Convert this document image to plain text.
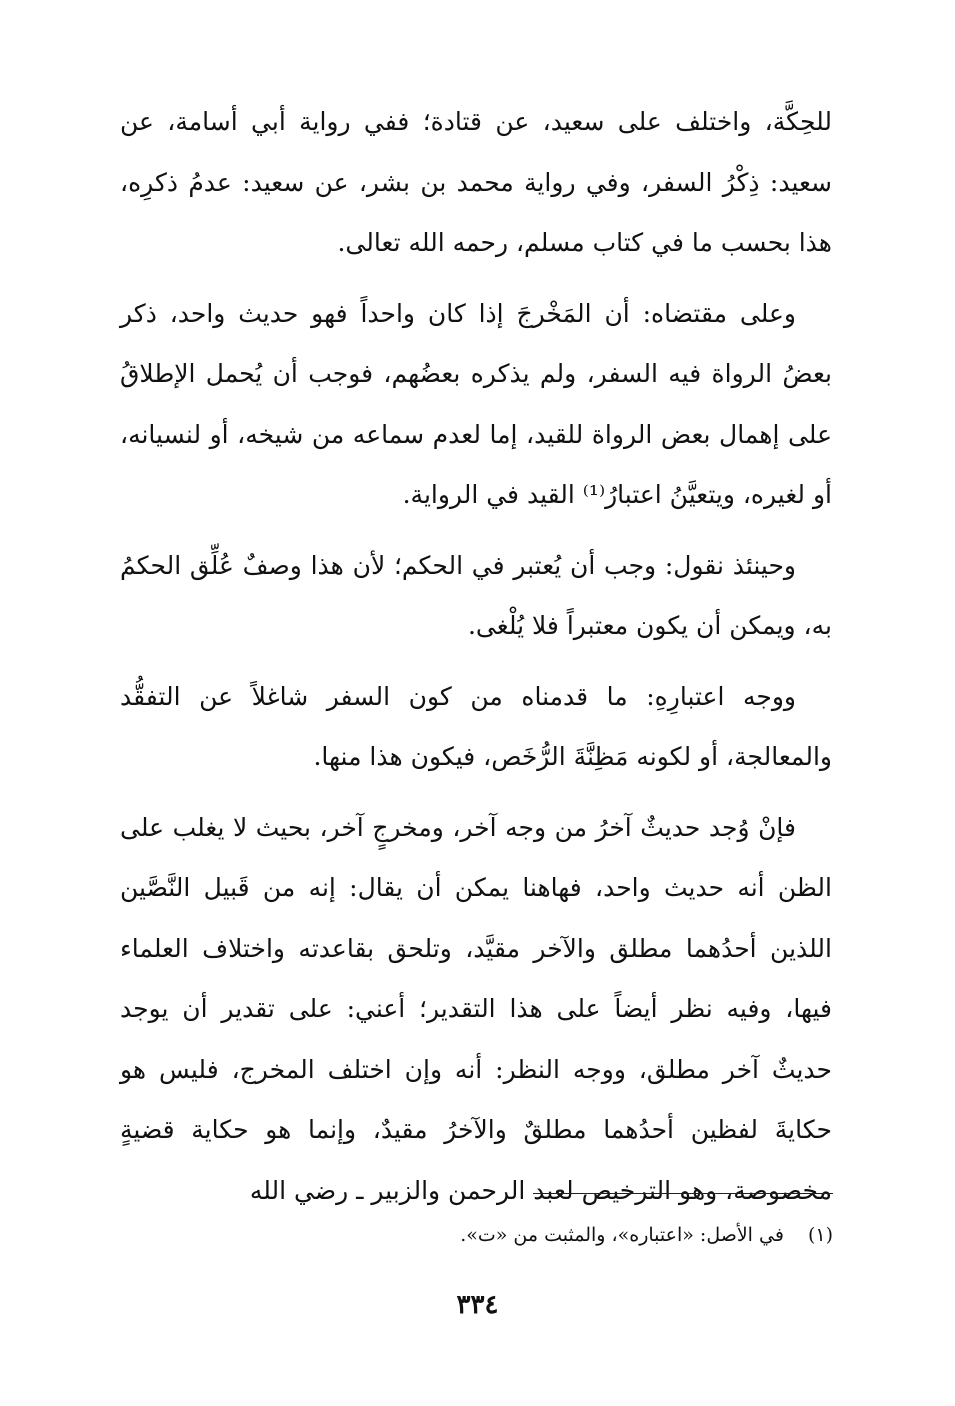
للحِكَّة، واختلف على سعيد، عن قتادة؛ ففي رواية أبي أسامة، عن سعيد: ذِكْرُ السفر، وفي رواية محمد بن بشر، عن سعيد: عدمُ ذكرِه، هذا بحسب ما في كتاب مسلم، رحمه الله تعالى.

وعلى مقتضاه: أن المَخْرجَ إذا كان واحداً فهو حديث واحد، ذكر بعضُ الرواة فيه السفر، ولم يذكره بعضُهم، فوجب أن يُحمل الإطلاقُ على إهمال بعض الرواة للقيد، إما لعدم سماعه من شيخه، أو لنسيانه، أو لغيره، ويتعيَّنُ اعتبارُ⁽¹⁾ القيد في الرواية.

وحينئذ نقول: وجب أن يُعتبر في الحكم؛ لأن هذا وصفٌ عُلِّق الحكمُ به، ويمكن أن يكون معتبراً فلا يُلْغى.

ووجه اعتبارِهِ: ما قدمناه من كون السفر شاغلاً عن التفقُّد والمعالجة، أو لكونه مَظِنَّةَ الرُّخَص، فيكون هذا منها.

فإنْ وُجد حديثٌ آخرُ من وجه آخر، ومخرجٍ آخر، بحيث لا يغلب على الظن أنه حديث واحد، فهاهنا يمكن أن يقال: إنه من قَبيل النَّصَّين اللذين أحدُهما مطلق والآخر مقيَّد، وتلحق بقاعدته واختلاف العلماء فيها، وفيه نظر أيضاً على هذا التقدير؛ أعني: على تقدير أن يوجد حديثٌ آخر مطلق، ووجه النظر: أنه وإن اختلف المخرج، فليس هو حكايةَ لفظين أحدُهما مطلقٌ والآخرُ مقيدٌ، وإنما هو حكاية قضيةٍ مخصوصة، وهو الترخيص لعبد الرحمن والزبير ـ رضي الله

(١)في الأصل: «اعتباره»، والمثبت من «ت».
٣٣٤
